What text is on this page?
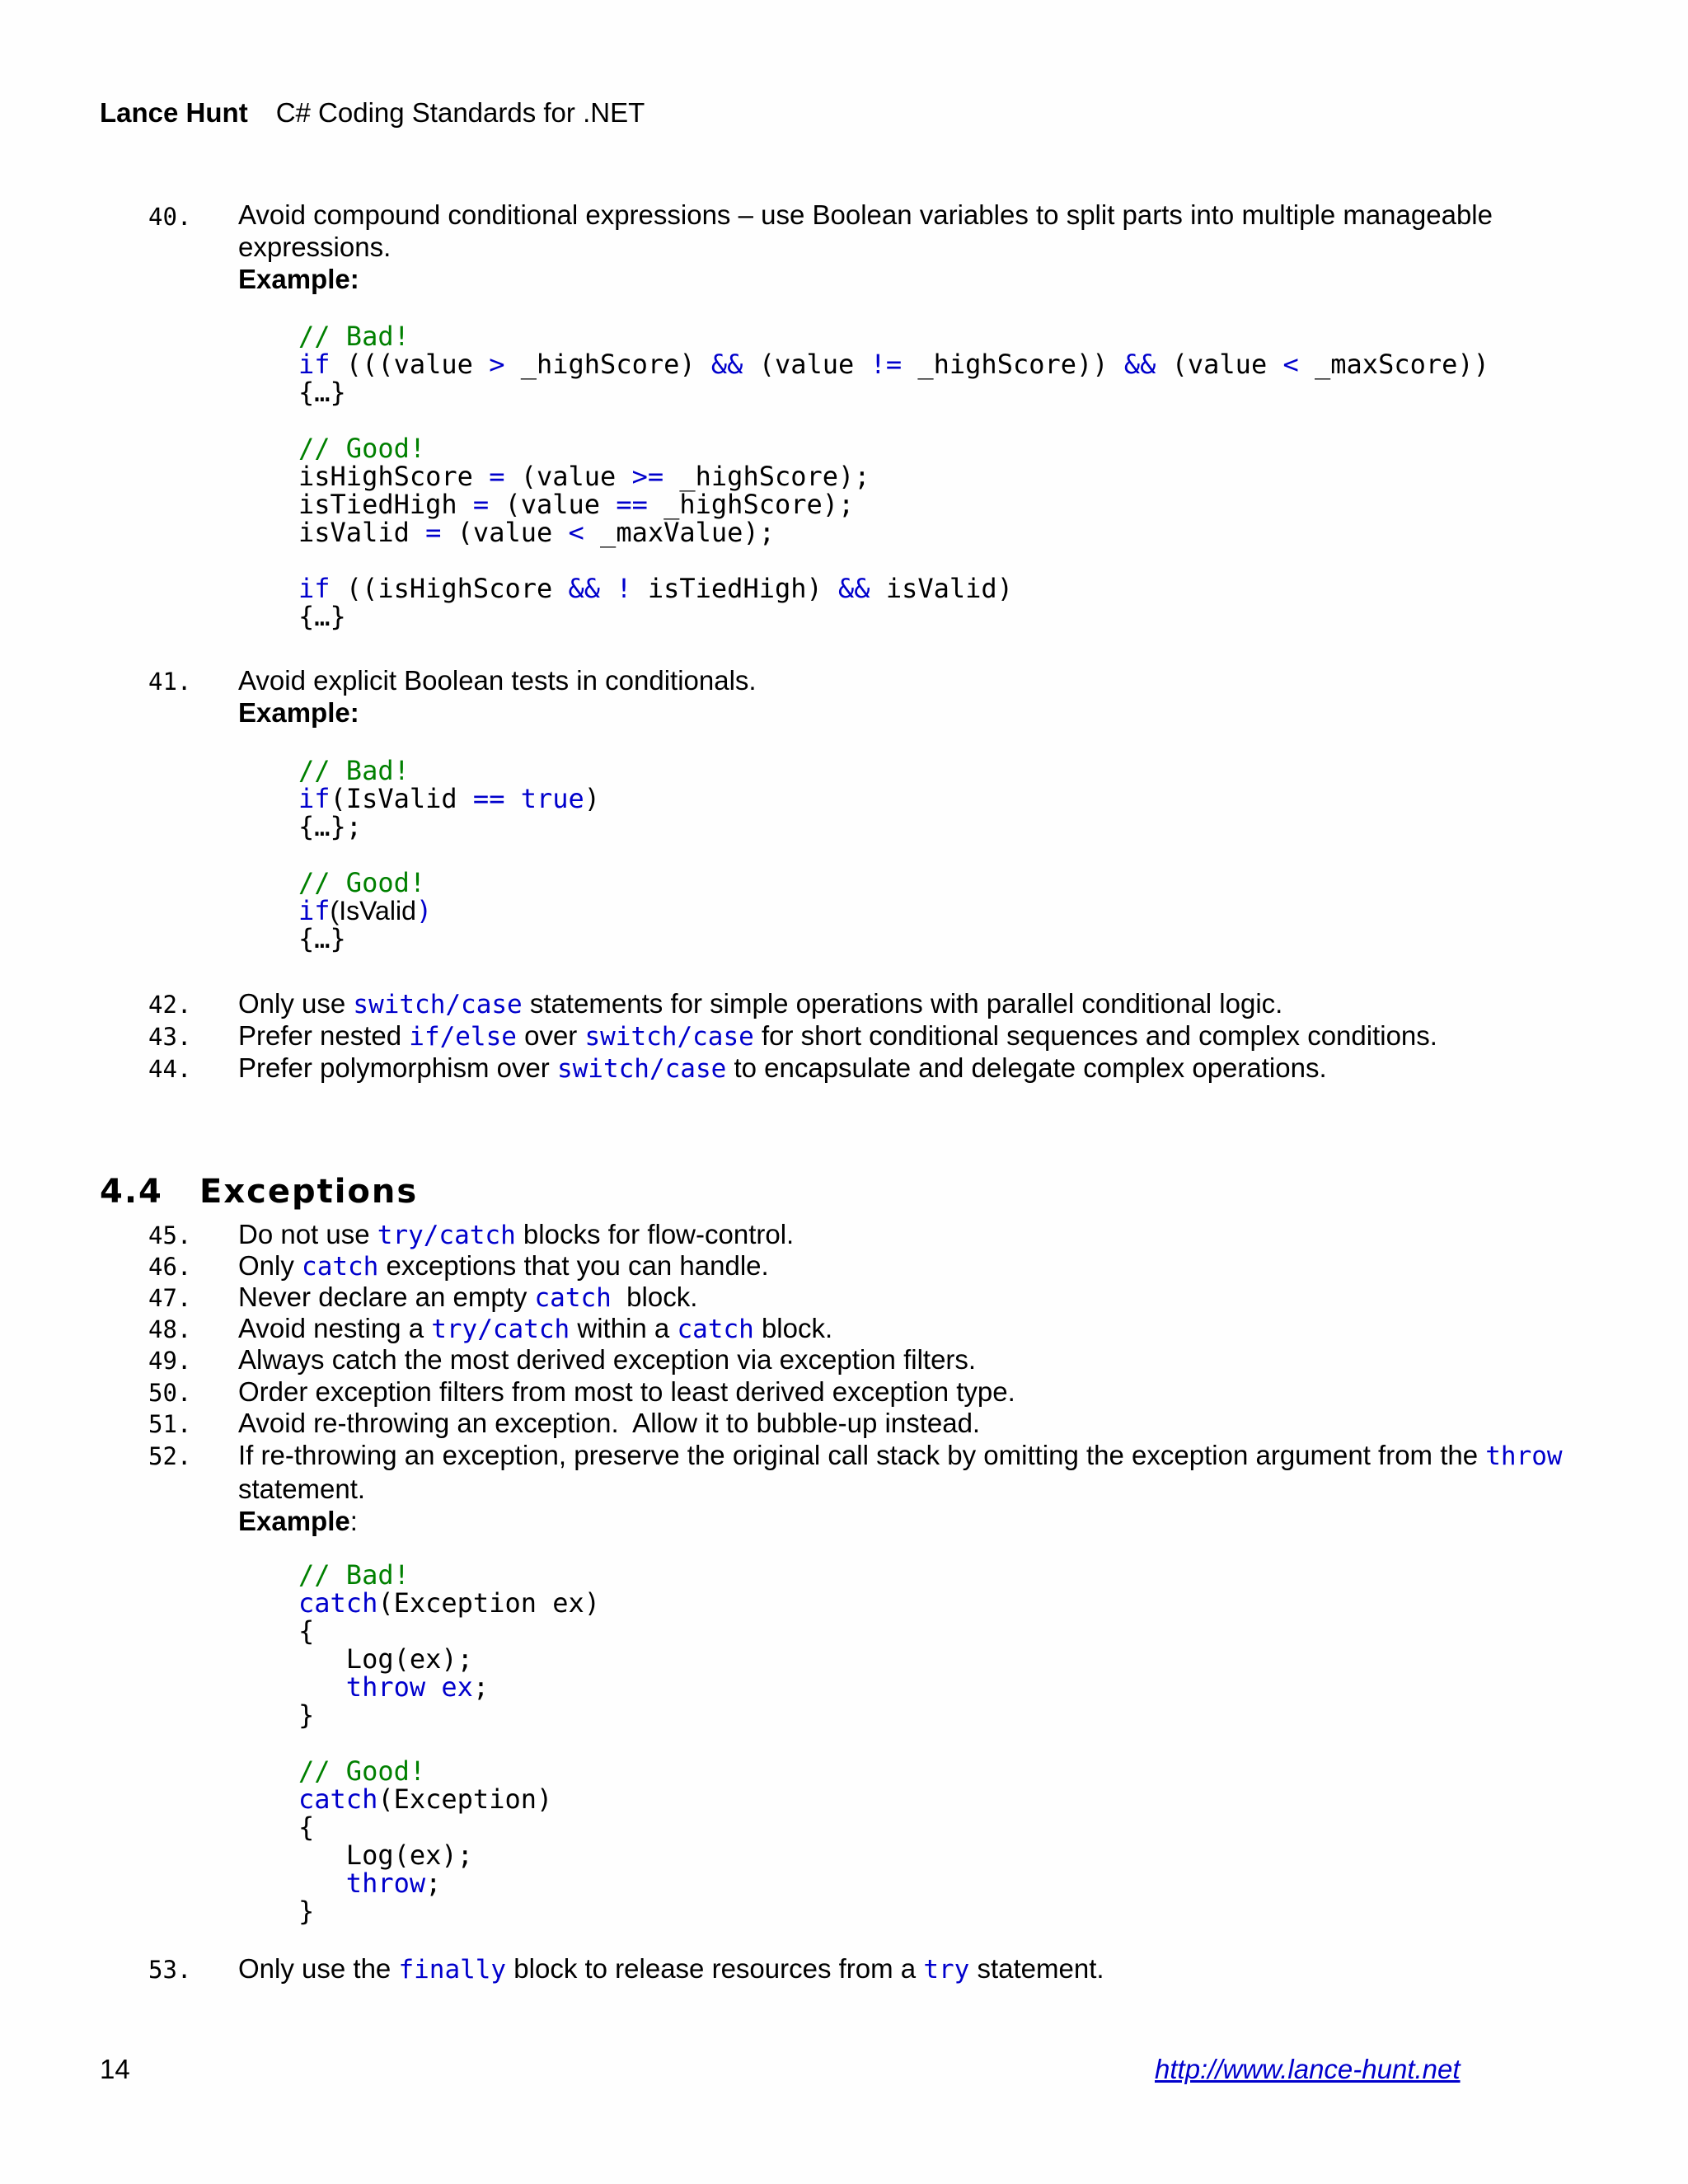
Lance Hunt C# Coding Standards for .NET
40. Avoid compound conditional expressions – use Boolean variables to split parts into multiple manageable expressions.
Example:
// Bad!
if (((value > _highScore) && (value != _highScore)) && (value < _maxScore))
{…}

// Good!
isHighScore = (value >= _highScore);
isTiedHigh = (value == _highScore);
isValid = (value < _maxValue);

if ((isHighScore && ! isTiedHigh) && isValid)
{…}
41. Avoid explicit Boolean tests in conditionals.
Example:
// Bad!
if(IsValid == true)
{…};

// Good!
if(IsValid)
{…}
42. Only use switch/case statements for simple operations with parallel conditional logic.
43. Prefer nested if/else over switch/case for short conditional sequences and complex conditions.
44. Prefer polymorphism over switch/case to encapsulate and delegate complex operations.
4.4 Exceptions
45. Do not use try/catch blocks for flow-control.
46. Only catch exceptions that you can handle.
47. Never declare an empty catch  block.
48. Avoid nesting a try/catch within a catch block.
49. Always catch the most derived exception via exception filters.
50. Order exception filters from most to least derived exception type.
51. Avoid re-throwing an exception.  Allow it to bubble-up instead.
52. If re-throwing an exception, preserve the original call stack by omitting the exception argument from the throw statement.
Example:
// Bad!
catch(Exception ex)
{
Log(ex);
throw ex;
}

// Good!
catch(Exception)
{
Log(ex);
throw;
}
53. Only use the finally block to release resources from a try statement.
14	http://www.lance-hunt.net
